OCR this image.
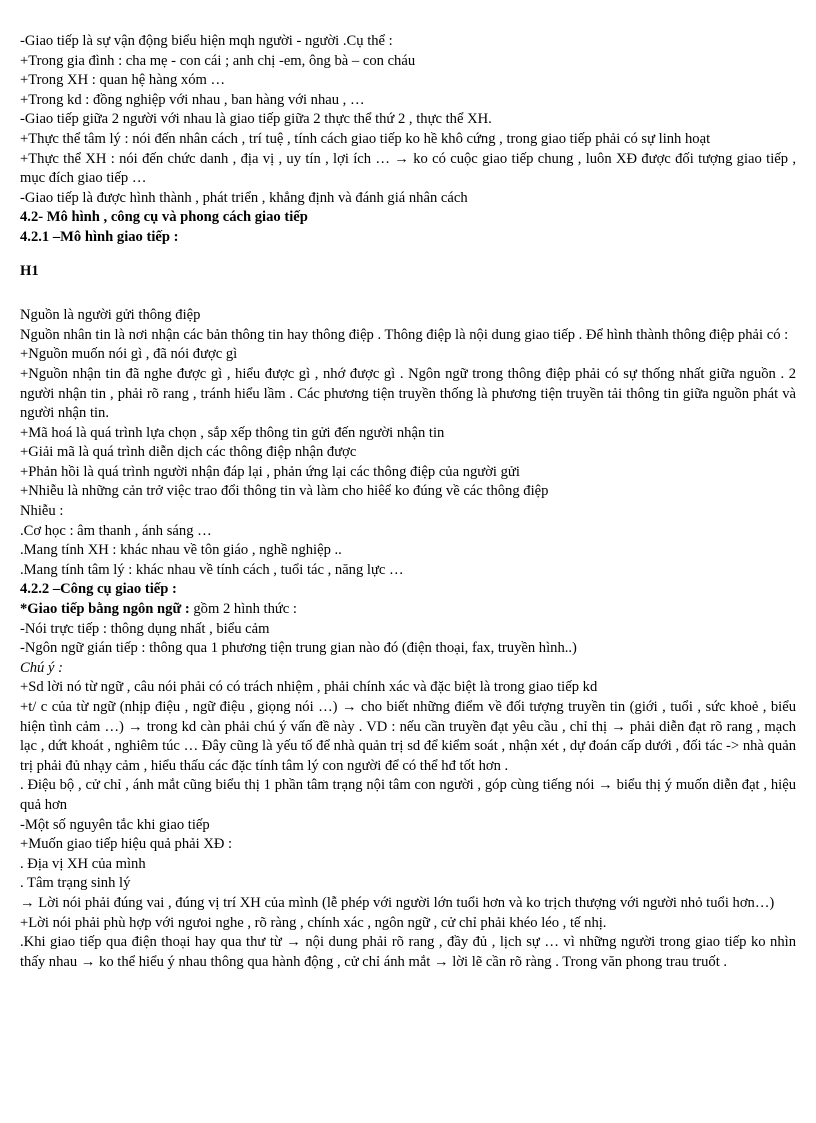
-Giao tiếp là sự vận động biểu hiện mqh người - người .Cụ thể :

+Trong gia đình : cha mẹ - con cái ; anh chị -em, ông bà – con cháu

+Trong XH : quan hệ hàng xóm …

+Trong kd : đồng nghiệp với nhau , ban hàng với nhau , …

-Giao tiếp giữa 2 người với nhau là giao tiếp giữa 2 thực thể thứ 2 , thực thể XH.

+Thực thể tâm lý : nói đến nhân cách , trí tuệ , tính cách giao tiếp ko hề khô cứng , trong giao tiếp phải có sự linh hoạt

+Thực thể XH : nói đến chức danh , địa vị , uy tín , lợi ích … → ko có cuộc giao tiếp chung , luôn XĐ được đối tượng giao tiếp , mục đích giao tiếp …

-Giao tiếp là được hình thành , phát triển , khẳng định và đánh giá nhân cách

4.2- Mô hình , công cụ và phong cách giao tiếp

4.2.1 –Mô hình giao tiếp :

H1

Nguồn là người gửi thông điệp

Nguồn nhân tin là nơi nhận các bản thông tin hay thông điệp . Thông điệp là nội dung giao tiếp . Để hình thành thông điệp phải có :

+Nguồn muốn nói gì , đã nói được gì

+Nguồn nhận tin đã nghe được gì , hiểu được gì , nhớ được gì . Ngôn ngữ trong thông điệp phải có sự thống nhất giữa nguồn . 2 người nhận tin , phải rõ rang , tránh hiểu lầm . Các phương tiện truyền thống là phương tiện truyền tải thông tin giữa nguồn phát và người nhận tin.

+Mã hoá là quá trình lựa chọn , sắp xếp thông tin gửi đến người nhận tin

+Giải mã là quá trình diễn dịch các thông điệp nhận được

+Phản hồi là quá trình người nhận đáp lại , phản ứng lại các thông điệp của người gửi

+Nhiễu là những cản trở việc trao đổi thông tin và làm cho hiêể ko đúng về các thông điệp

Nhiễu :

.Cơ học : âm thanh , ánh sáng …

.Mang tính XH : khác nhau về tôn giáo , nghề nghiệp ..

.Mang tính tâm lý : khác nhau về tính cách , tuổi tác , năng lực …

4.2.2 –Công cụ giao tiếp :

*Giao tiếp bằng ngôn ngữ : gồm 2 hình thức :

-Nói trực tiếp : thông dụng nhất , biểu cảm

-Ngôn ngữ gián tiếp : thông qua 1 phương tiện trung gian nào đó (điện thoại, fax, truyền hình..)

Chú ý :

+Sd lời nó từ ngữ , câu nói phải có có trách nhiệm , phải chính xác và đặc biệt là trong giao tiếp kd

+t/ c của từ ngữ (nhịp điệu , ngữ điệu , giọng nói …) → cho biết những điểm về đối tượng truyền tin (giới , tuổi , sức khoẻ , biểu hiện tình cảm …) → trong kd càn phải chú ý vấn đề này . VD : nếu cần truyền đạt yêu cầu , chỉ thị → phải diễn đạt rõ rang , mạch lạc , dứt khoát , nghiêm túc … Đây cũng là yếu tố để nhà quản trị sd để kiểm soát , nhận xét , dự đoán cấp dưới , đối tác -> nhà quản trị phải đủ nhạy cảm , hiểu thấu các đặc tính tâm lý con người để có thể hđ tốt hơn .

. Điệu bộ , cử chỉ , ánh mắt cũng biểu thị 1 phần tâm trạng nội tâm con người , góp cùng tiếng nói → biểu thị ý muốn diễn đạt , hiệu quả hơn

-Một số nguyên tắc khi giao tiếp

+Muốn giao tiếp hiệu quả phải XĐ :

. Địa vị XH của mình

. Tâm trạng sinh lý

→ Lời nói phải đúng vai , đúng vị trí XH của mình (lễ phép với người lớn tuổi hơn và ko trịch thượng với người nhỏ tuổi hơn…)

+Lời nói phải phù hợp với ngưoi nghe , rõ ràng , chính xác , ngôn ngữ , cử chỉ phải khéo léo , tế nhị.

.Khi giao tiếp qua điện thoại hay qua thư từ → nội dung phải rõ rang , đầy đủ , lịch sự … vì những người trong giao tiếp ko nhìn thấy nhau → ko thể hiểu ý nhau thông qua hành động , cử chỉ ánh mắt → lời lẽ cần rõ ràng . Trong văn phong trau truốt .
